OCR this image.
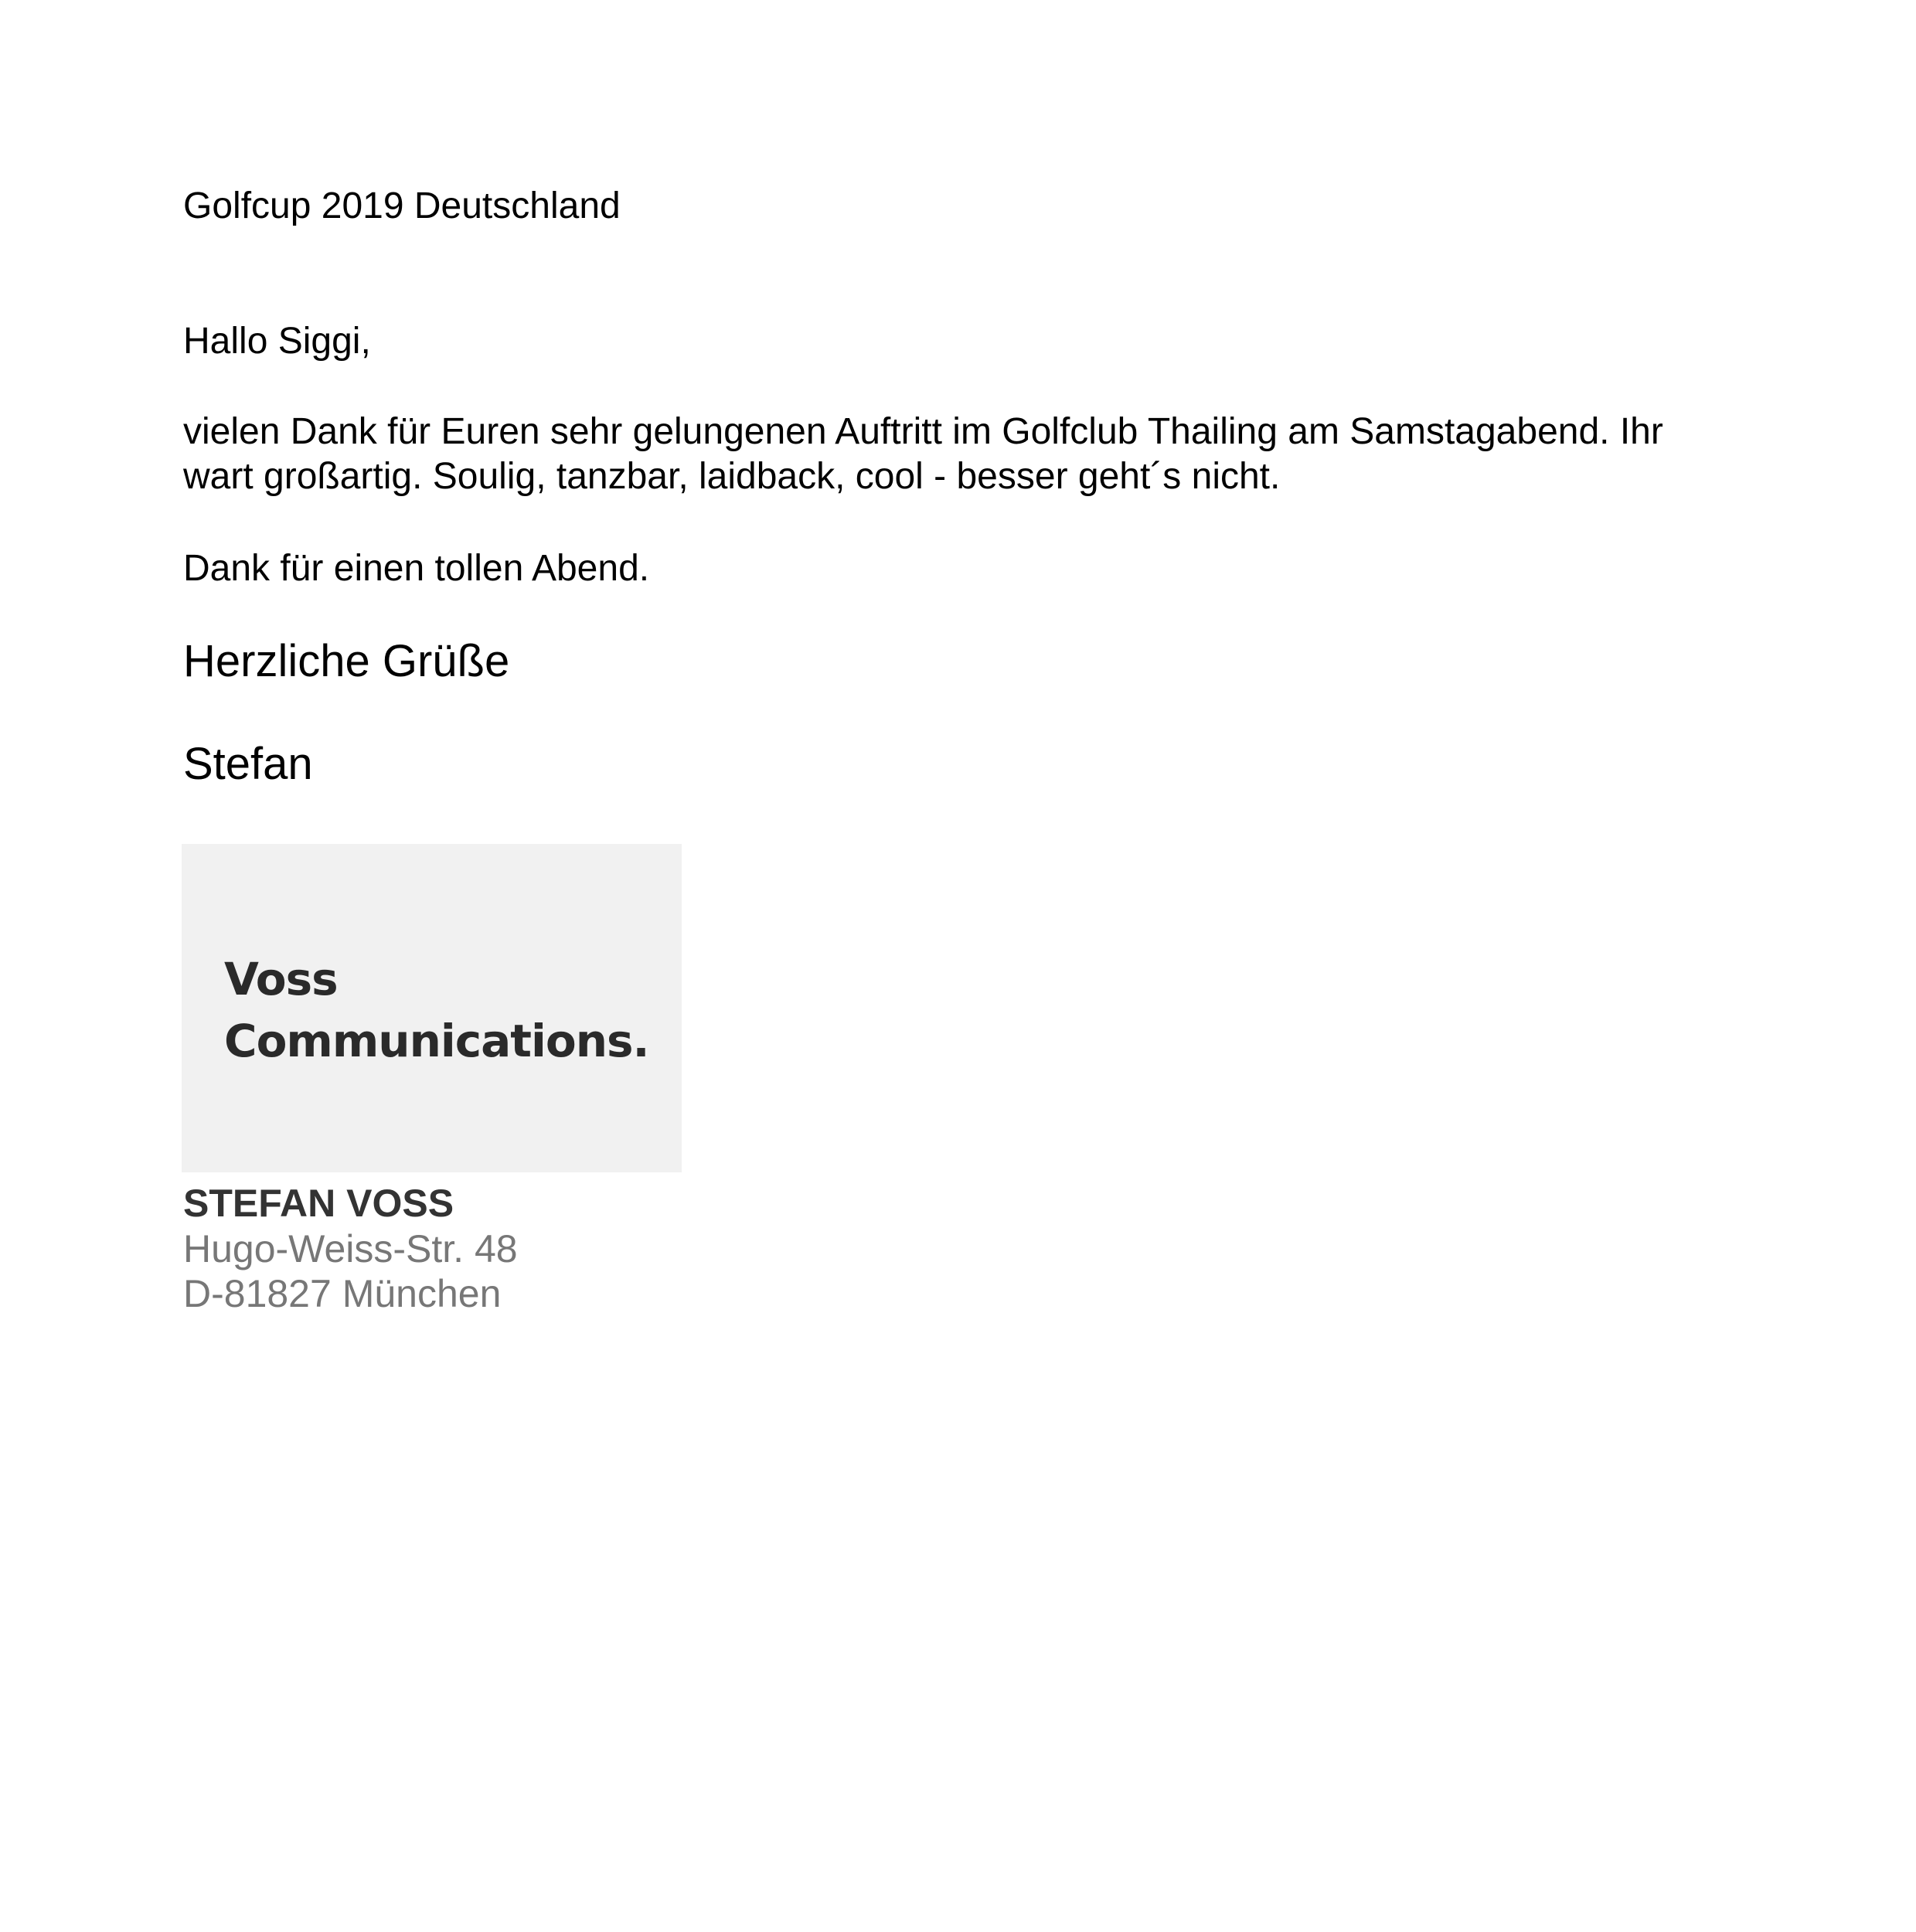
Golfcup 2019 Deutschland

Hallo Siggi,

vielen Dank für Euren sehr gelungenen Auftritt im Golfclub Thailing am Samstagabend. Ihr

wart großartig. Soulig, tanzbar, laidback, cool - besser geht´s nicht.

Dank für einen tollen Abend.

Herzliche Grüße

Stefan

Voss
Communications.

STEFAN VOSS

Hugo-Weiss-Str. 48

D-81827 München
